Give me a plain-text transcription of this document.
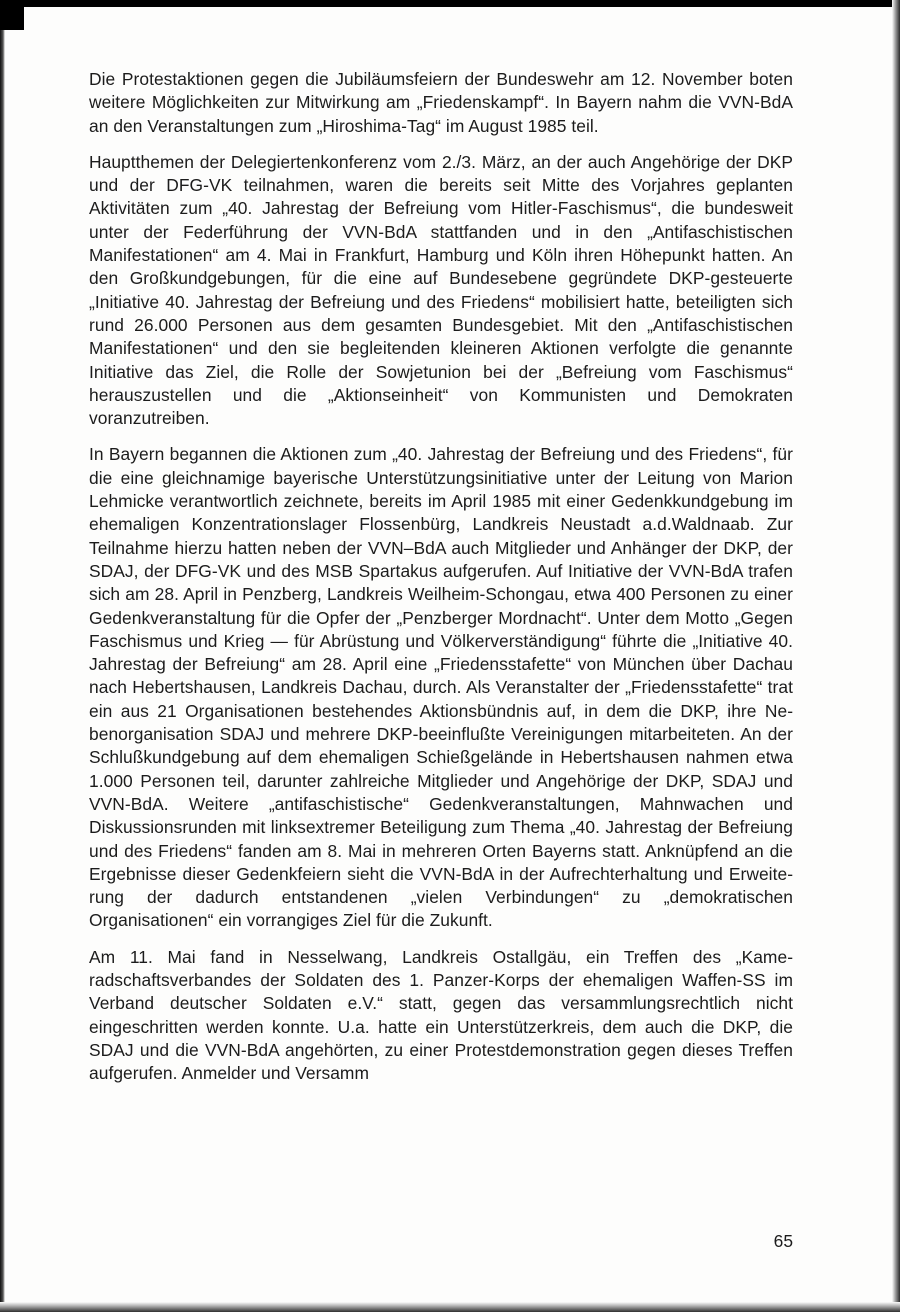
Die Protestaktionen gegen die Jubiläumsfeiern der Bundeswehr am 12. November boten weitere Möglichkeiten zur Mitwirkung am „Friedenskampf“. In Bayern nahm die VVN-BdA an den Veranstaltungen zum „Hiroshima-Tag“ im August 1985 teil.

Hauptthemen der Delegiertenkonferenz vom 2./3. März, an der auch Angehörige der DKP und der DFG-VK teilnahmen, waren die bereits seit Mitte des Vorjahres geplanten Aktivitäten zum „40. Jahrestag der Befreiung vom Hitler-Faschismus“, die bundesweit unter der Federführung der VVN-BdA stattfanden und in den „Antifaschistischen Manifestationen“ am 4. Mai in Frankfurt, Hamburg und Köln ihren Höhepunkt hatten. An den Großkundgebungen, für die eine auf Bundesebene gegründete DKP-gesteuerte „Initiative 40. Jahrestag der Befreiung und des Friedens“ mobilisiert hatte, beteiligten sich rund 26.000 Personen aus dem gesamten Bundesgebiet. Mit den „Antifaschistischen Manifestationen“ und den sie begleitenden kleineren Aktionen verfolgte die genannte Initiative das Ziel, die Rolle der Sowjetunion bei der „Befreiung vom Faschismus“ herauszustellen und die „Aktionseinheit“ von Kommunisten und Demokraten voranzutreiben.

In Bayern begannen die Aktionen zum „40. Jahrestag der Befreiung und des Friedens“, für die eine gleichnamige bayerische Unterstützungsinitiative unter der Leitung von Marion Lehmicke verantwortlich zeichnete, bereits im April 1985 mit einer Gedenkkundgebung im ehemaligen Konzentrationslager Flossenbürg, Landkreis Neustadt a.d.Waldnaab. Zur Teilnahme hierzu hatten neben der VVN–BdA auch Mitglieder und Anhänger der DKP, der SDAJ, der DFG-VK und des MSB Spartakus aufgerufen. Auf Initiative der VVN-BdA trafen sich am 28. April in Penzberg, Landkreis Weilheim-Schongau, etwa 400 Personen zu einer Gedenkveranstaltung für die Opfer der „Penzberger Mordnacht“. Unter dem Motto „Gegen Faschismus und Krieg — für Abrüstung und Völkerverständigung“ führte die „Initiative 40. Jahrestag der Befreiung“ am 28. April eine „Friedensstafette“ von München über Dachau nach Hebertshausen, Landkreis Dachau, durch. Als Veranstalter der „Friedensstafette“ trat ein aus 21 Organisationen bestehendes Aktionsbündnis auf, in dem die DKP, ihre Nebenorganisation SDAJ und mehrere DKP-beeinflußte Vereinigungen mitarbeiteten. An der Schlußkundgebung auf dem ehemaligen Schießgelände in Hebertshausen nahmen etwa 1.000 Personen teil, darunter zahlreiche Mitglieder und Angehörige der DKP, SDAJ und VVN-BdA. Weitere „antifaschistische“ Gedenkveranstaltungen, Mahnwachen und Diskussionsrunden mit linksextremer Beteiligung zum Thema „40. Jahrestag der Befreiung und des Friedens“ fanden am 8. Mai in mehreren Orten Bayerns statt. Anknüpfend an die Ergebnisse dieser Gedenkfeiern sieht die VVN-BdA in der Aufrechterhaltung und Erweiterung der dadurch entstandenen „vielen Verbindungen“ zu „demokratischen Organisationen“ ein vorrangiges Ziel für die Zukunft.

Am 11. Mai fand in Nesselwang, Landkreis Ostallgäu, ein Treffen des „Kameradschaftsverbandes der Soldaten des 1. Panzer-Korps der ehemaligen Waffen-SS im Verband deutscher Soldaten e.V.“ statt, gegen das versammlungsrechtlich nicht eingeschritten werden konnte. U.a. hatte ein Unterstützerkreis, dem auch die DKP, die SDAJ und die VVN-BdA angehörten, zu einer Protestdemonstration gegen dieses Treffen aufgerufen. Anmelder und Versamm

65
